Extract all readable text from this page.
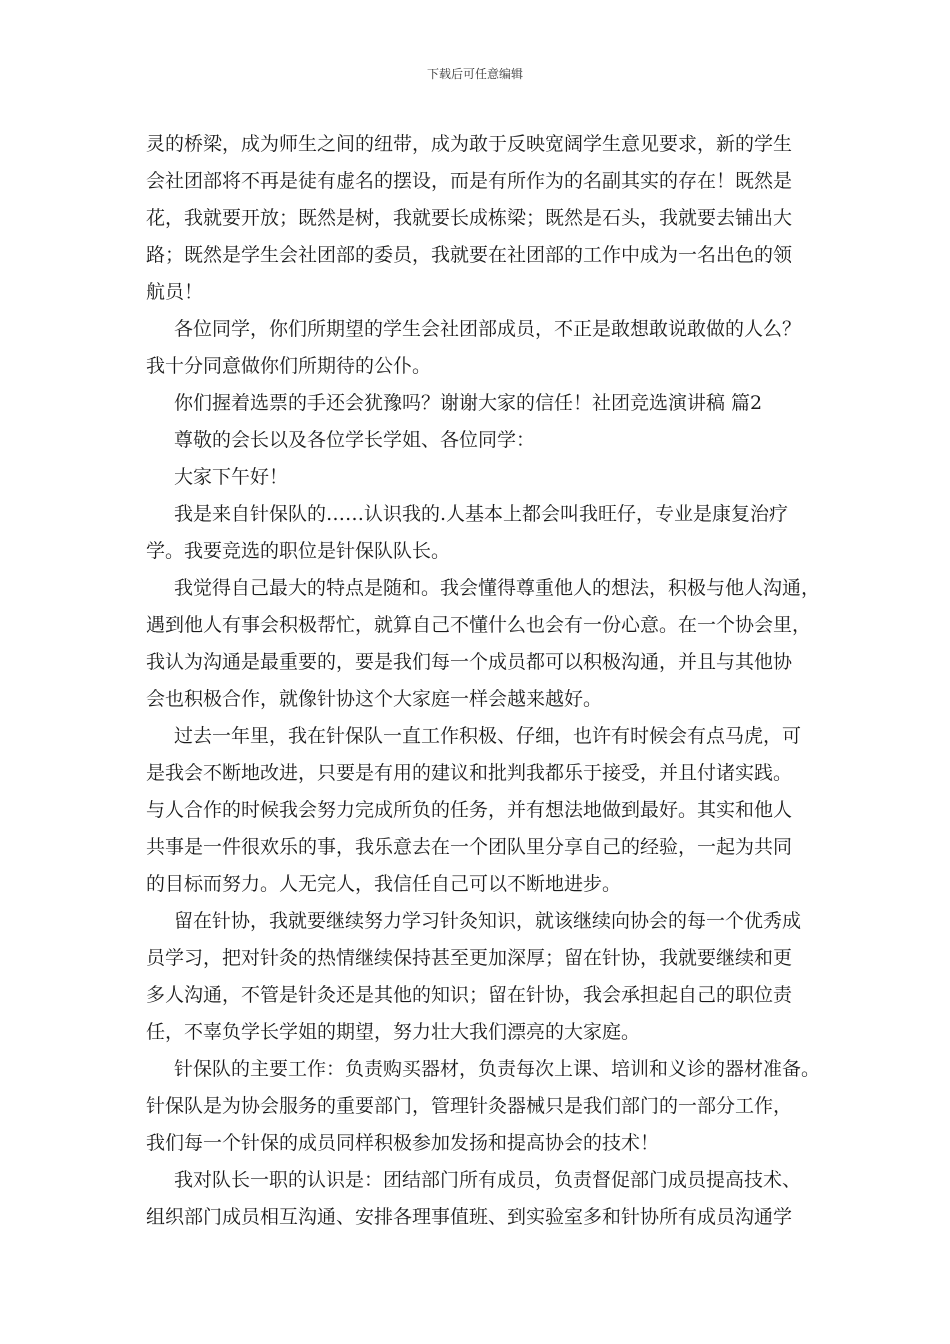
下载后可任意编辑
灵的桥梁，成为师生之间的纽带，成为敢于反映宽阔学生意见要求，新的学生
会社团部将不再是徒有虚名的摆设，而是有所作为的名副其实的存在！既然是
花，我就要开放；既然是树，我就要长成栋梁；既然是石头，我就要去铺出大
路；既然是学生会社团部的委员，我就要在社团部的工作中成为一名出色的领
航员！
各位同学，你们所期望的学生会社团部成员，不正是敢想敢说敢做的人么？
我十分同意做你们所期待的公仆。
你们握着选票的手还会犹豫吗？谢谢大家的信任！社团竞选演讲稿 篇2
尊敬的会长以及各位学长学姐、各位同学：
大家下午好！
我是来自针保队的……认识我的.人基本上都会叫我旺仔，专业是康复治疗
学。我要竞选的职位是针保队队长。
我觉得自己最大的特点是随和。我会懂得尊重他人的想法，积极与他人沟通，
遇到他人有事会积极帮忙，就算自己不懂什么也会有一份心意。在一个协会里，
我认为沟通是最重要的，要是我们每一个成员都可以积极沟通，并且与其他协
会也积极合作，就像针协这个大家庭一样会越来越好。
过去一年里，我在针保队一直工作积极、仔细，也许有时候会有点马虎，可
是我会不断地改进，只要是有用的建议和批判我都乐于接受，并且付诸实践。
与人合作的时候我会努力完成所负的任务，并有想法地做到最好。其实和他人
共事是一件很欢乐的事，我乐意去在一个团队里分享自己的经验，一起为共同
的目标而努力。人无完人，我信任自己可以不断地进步。
留在针协，我就要继续努力学习针灸知识，就该继续向协会的每一个优秀成
员学习，把对针灸的热情继续保持甚至更加深厚；留在针协，我就要继续和更
多人沟通，不管是针灸还是其他的知识；留在针协，我会承担起自己的职位责
任，不辜负学长学姐的期望，努力壮大我们漂亮的大家庭。
针保队的主要工作：负责购买器材，负责每次上课、培训和义诊的器材准备。
针保队是为协会服务的重要部门，管理针灸器械只是我们部门的一部分工作，
我们每一个针保的成员同样积极参加发扬和提高协会的技术！
我对队长一职的认识是：团结部门所有成员，负责督促部门成员提高技术、
组织部门成员相互沟通、安排各理事值班、到实验室多和针协所有成员沟通学
